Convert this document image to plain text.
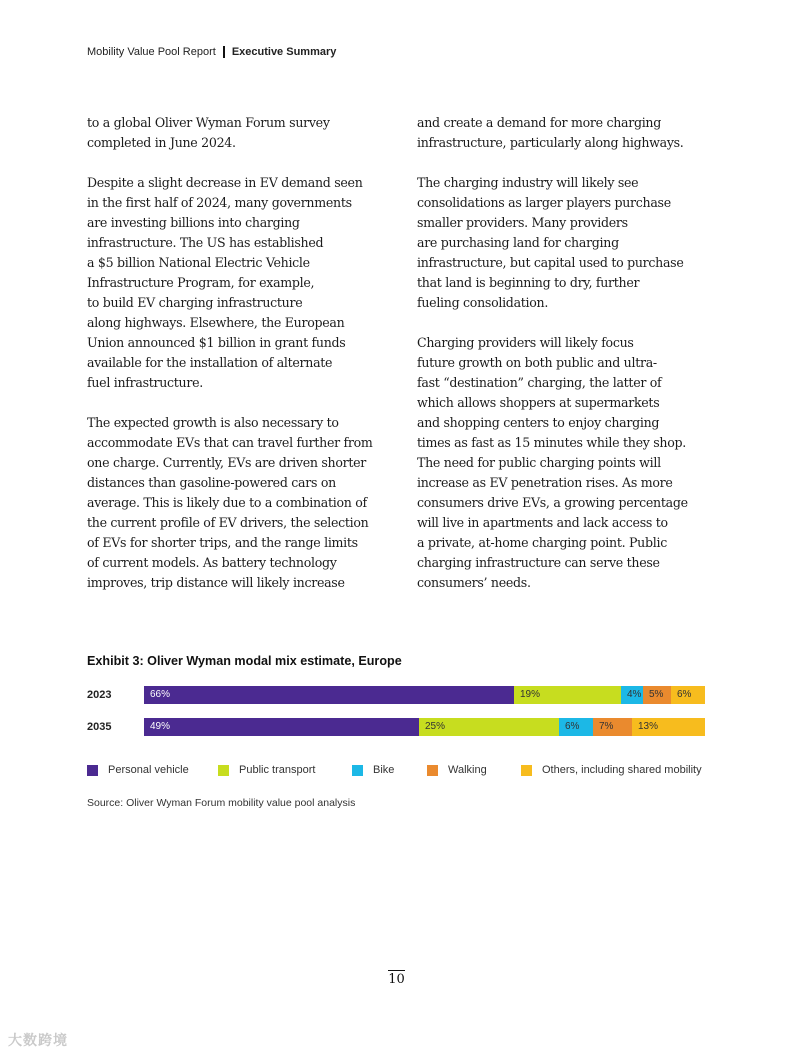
Mobility Value Pool Report Executive Summary

to a global Oliver Wyman Forum survey
completed in June 2024.

Despite a slight decrease in EV demand seen
in the first half of 2024, many governments
are investing billions into charging
infrastructure. The US has established
a $5 billion National Electric Vehicle
Infrastructure Program, for example,
to build EV charging infrastructure
along highways. Elsewhere, the European
Union announced $1 billion in grant funds
available for the installation of alternate
fuel infrastructure.

The expected growth is also necessary to
accommodate EVs that can travel further from
one charge. Currently, EVs are driven shorter
distances than gasoline-powered cars on
average. This is likely due to a combination of
the current profile of EV drivers, the selection
of EVs for shorter trips, and the range limits
of current models. As battery technology
improves, trip distance will likely increase

and create a demand for more charging
infrastructure, particularly along highways.

The charging industry will likely see
consolidations as larger players purchase
smaller providers. Many providers
are purchasing land for charging
infrastructure, but capital used to purchase
that land is beginning to dry, further
fueling consolidation.

Charging providers will likely focus
future growth on both public and ultra-
fast “destination” charging, the latter of
which allows shoppers at supermarkets
and shopping centers to enjoy charging
times as fast as 15 minutes while they shop.
The need for public charging points will
increase as EV penetration rises. As more
consumers drive EVs, a growing percentage
will live in apartments and lack access to
a private, at-home charging point. Public
charging infrastructure can serve these
consumers’ needs.

Exhibit 3: Oliver Wyman modal mix estimate, Europe
2023	66%	19%	4% 5%	6%
2035	49%	25%	6%	7%	13%
Personal vehicle	Public transport	Bike	Walking	Others, including shared mobility
Source: Oliver Wyman Forum mobility value pool analysis
10
大数跨境
